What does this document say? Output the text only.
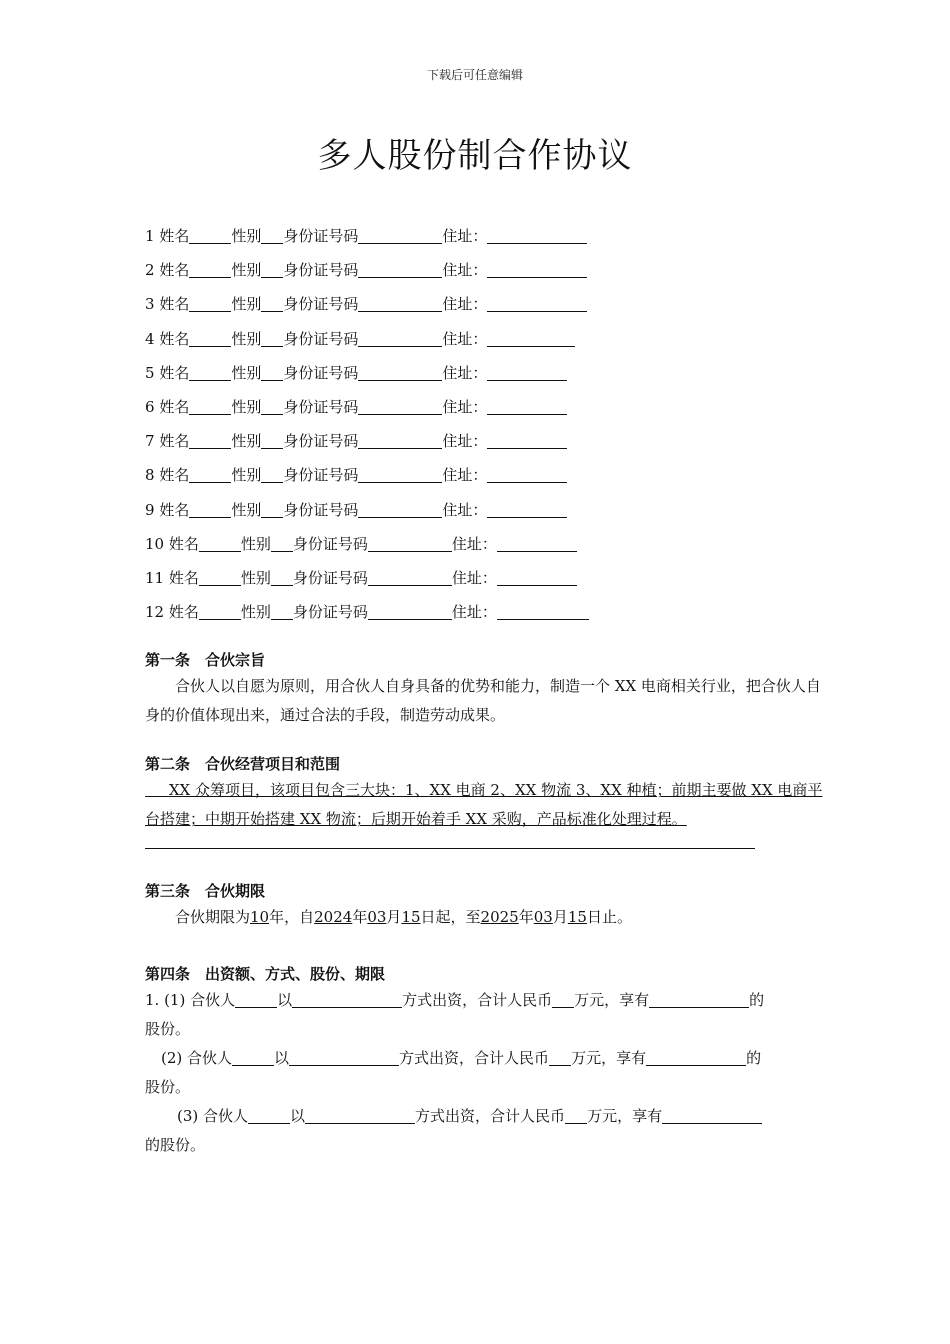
下载后可任意编辑
多人股份制合作协议
1 姓名	性别 身份证号码	住址：
2 姓名	性别 身份证号码	住址：
3 姓名	性别 身份证号码	住址：
4 姓名	性别 身份证号码	住址：
5 姓名	性别 身份证号码	住址：
6 姓名	性别 身份证号码	住址：
7 姓名	性别 身份证号码	住址：
8 姓名	性别 身份证号码	住址：
9 姓名	性别 身份证号码	住址：
10 姓名	性别 身份证号码	住址：
11 姓名	性别 身份证号码	住址：
12 姓名	性别 身份证号码	住址：
第一条　合伙宗旨
合伙人以自愿为原则，用合伙人自身具备的优势和能力，制造一个 XX 电商相关行业，把合伙人自身的价值体现出来，通过合法的手段，制造劳动成果。
第二条　合伙经营项目和范围
XX 众筹项目，该项目包含三大块：1、XX 电商 2、XX 物流 3、XX 种植；前期主要做 XX 电商平台搭建；中期开始搭建 XX 物流；后期开始着手 XX 采购，产品标准化处理过程。
第三条　合伙期限
合伙期限为10年，自2024年03月15日起，至2025年03月15日止。
第四条　出资额、方式、股份、期限
1. (1) 合伙人	以	方式出资，合计人民币 万元，享有	的
股份。
(2) 合伙人	以	方式出资，合计人民币 万元，享有	的
股份。
(3) 合伙人	以	方式出资，合计人民币 万元，享有
的股份。
